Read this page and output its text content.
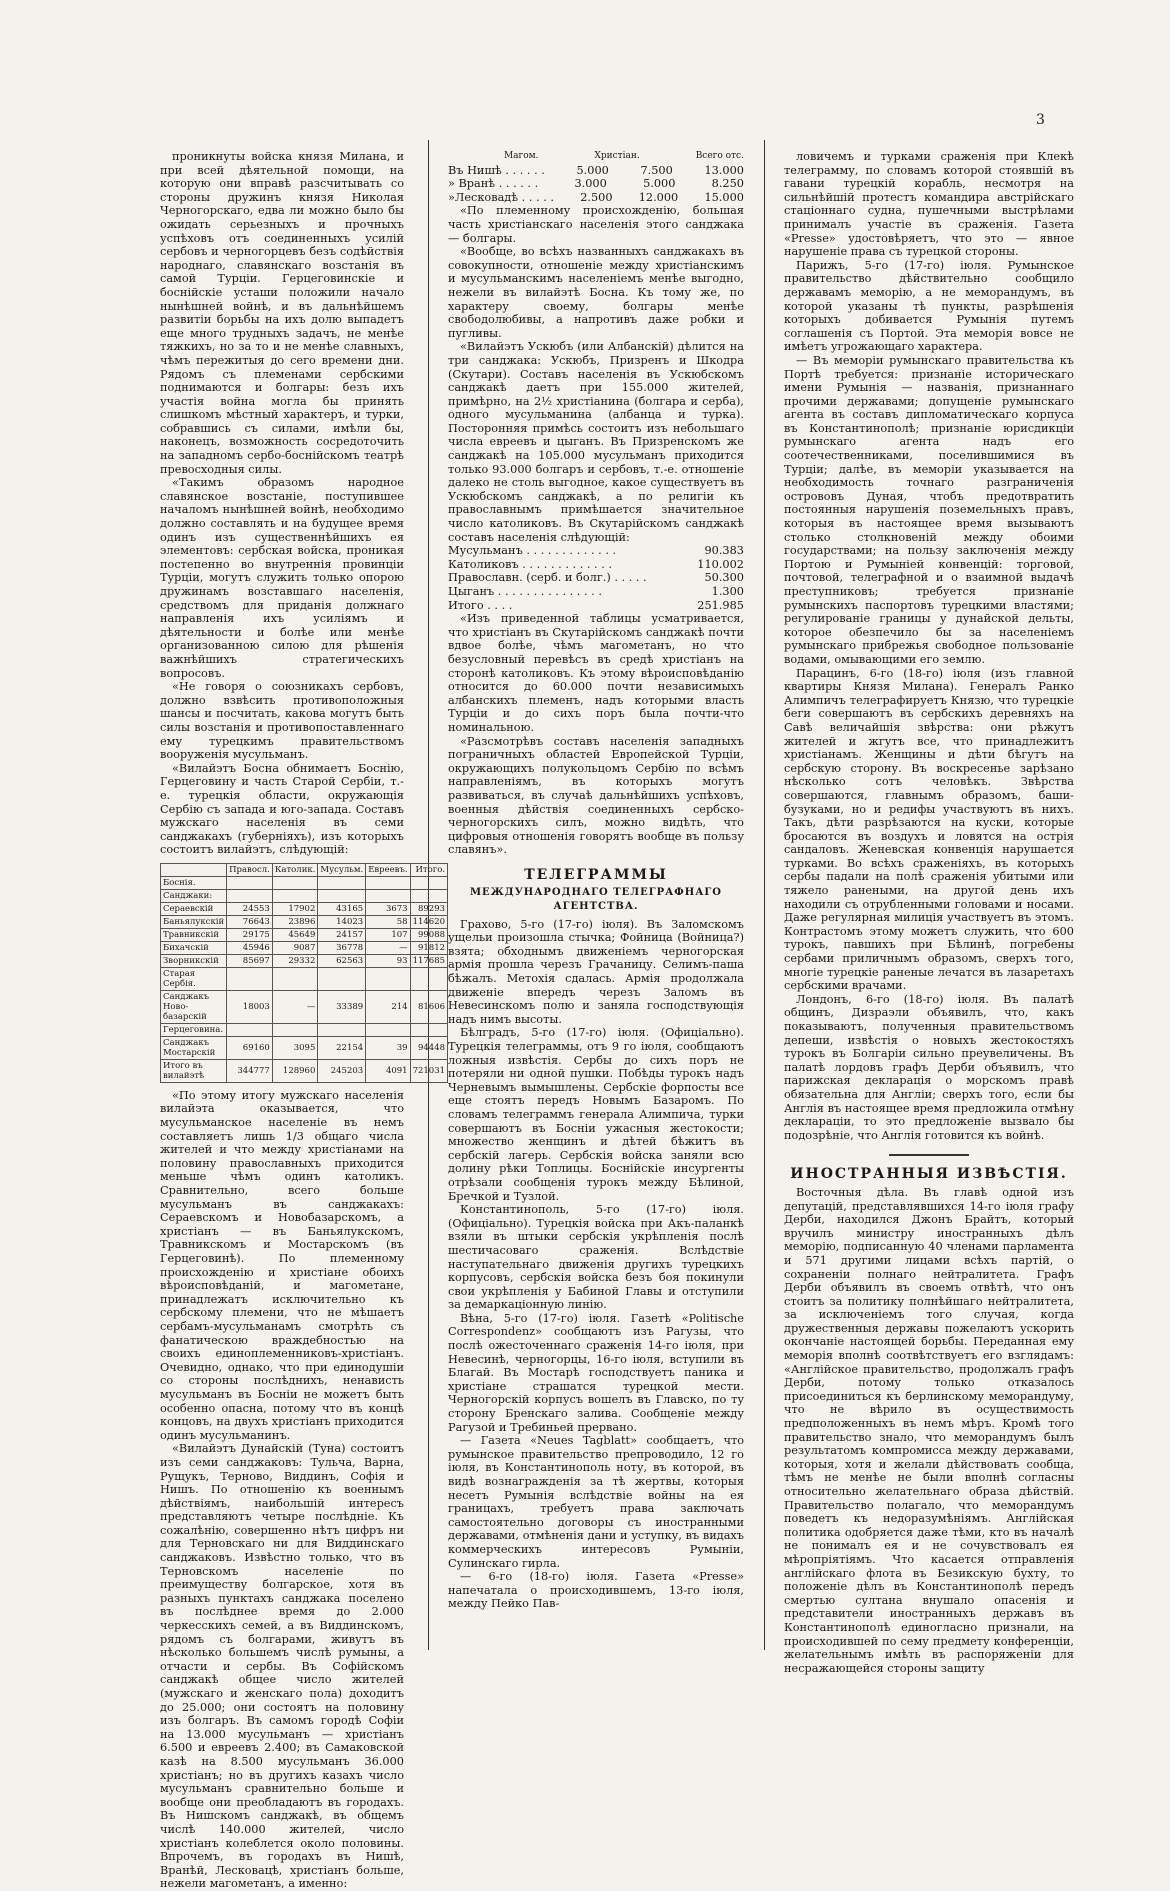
3

проникнуты войска князя Милана, и при всей дѣятельной помощи, на которую они вправѣ разсчитывать со стороны дружинъ князя Николая Черногорскаго, едва ли можно было бы ожидать серьезныхъ и прочныхъ успѣховъ отъ соединенныхъ усилій сербовъ и черногорцевъ безъ содѣйствія народнаго, славянскаго возстанія въ самой Турціи. Герцеговинскіе и боснійскіе усташи положили начало нынѣшней войнѣ, и въ дальнѣйшемъ развитіи борьбы на ихъ долю выпадетъ еще много трудныхъ задачъ, не менѣе тяжкихъ, но за то и не менѣе славныхъ, чѣмъ пережитыя до сего времени дни. Рядомъ съ племенами сербскими поднимаются и болгары: безъ ихъ участія война могла бы принять слишкомъ мѣстный характеръ, и турки, собравшись съ силами, имѣли бы, наконецъ, возможность сосредоточить на западномъ сербо-боснійскомъ театрѣ превосходныя силы.

«Такимъ образомъ народное славянское возстаніе, поступившее началомъ нынѣшней войнѣ, необходимо должно составлять и на будущее время одинъ изъ существеннѣйшихъ ея элементовъ: сербская войска, проникая постепенно во внутреннія провинціи Турціи, могутъ служить только опорою дружинамъ возставшаго населенія, средствомъ для приданія должнаго направленія ихъ усиліямъ и дѣятельности и болѣе или менѣе организованною силою для рѣшенія важнѣйшихъ стратегическихъ вопросовъ.

«Не говоря о союзникахъ сербовъ, должно взвѣсить противоположныя шансы и посчитать, какова могутъ быть силы возстанія и противопоставленнаго ему турецкимъ правительствомъ вооруженія мусульманъ.

«Вилайэтъ Босна обнимаетъ Боснію, Герцеговину и часть Старой Сербіи, т.-е. турецкія области, окружающія Сербію съ запада и юго-запада. Составъ мужскаго населенія въ семи санджакахъ (губерніяхъ), изъ которыхъ состоитъ вилайэтъ, слѣдующій:

	Правосл.	Католик.	Мусульм.	Евреевъ.	Итого.
Боснія.					
Санджаки:					
Сераевскій	24553	17902	43165	3673	89293
Баньялукскій	76643	23896	14023	58	114620
Травникскій	29175	45649	24157	107	99088
Бихачскій	45946	9087	36778	—	91812
Зворникскій	85697	29332	62563	93	117685
Старая Сербія.					
Санджакъ Ново-базарскій	18003	—	33389	214	81606
Герцеговина.					
Санджакъ Мостарскій	69160	3095	22154	39	94448
Итого въ вилайэтѣ	344777	128960	245203	4091	721031

«По этому итогу мужскаго населенія вилайэта оказывается, что мусульманское населеніе въ немъ составляетъ лишь 1/3 общаго числа жителей и что между христіанами на половину православныхъ приходится меньше чѣмъ одинъ католикъ. Сравнительно, всего больше мусульманъ въ санджакахъ: Сераевскомъ и Новобазарскомъ, а христіанъ — въ Баньялукскомъ, Травникскомъ и Мостарскомъ (въ Герцеговинѣ). По племенному происхожденію и христіане обоихъ вѣроисповѣданій, и магометане, принадлежатъ исключительно къ сербскому племени, что не мѣшаетъ сербамъ-мусульманамъ смотрѣть съ фанатическою враждебностью на своихъ единоплеменниковъ-христіанъ. Очевидно, однако, что при единодушіи со стороны послѣднихъ, ненависть мусульманъ въ Босніи не можетъ быть особенно опасна, потому что въ концѣ концовъ, на двухъ христіанъ приходится одинъ мусульманинъ.

«Вилайэтъ Дунайскій (Туна) состоитъ изъ семи санджаковъ: Тульча, Варна, Рущукъ, Терново, Виддинъ, Софія и Нишъ. По отношенію къ военнымъ дѣйствіямъ, наибольшій интересъ представляютъ четыре послѣдніе. Къ сожалѣнію, совершенно нѣтъ цифръ ни для Терновскаго ни для Виддинскаго санджаковъ. Извѣстно только, что въ Терновскомъ населеніе по преимуществу болгарское, хотя въ разныхъ пунктахъ санджака поселено въ послѣднее время до 2.000 черкесскихъ семей, а въ Виддинскомъ, рядомъ съ болгарами, живутъ въ нѣсколько большемъ числѣ румыны, а отчасти и сербы. Въ Софійскомъ санджакѣ общее число жителей (мужскаго и женскаго пола) доходитъ до 25.000; они состоятъ на половину изъ болгаръ. Въ самомъ городѣ Софіи на 13.000 мусульманъ — христіанъ 6.500 и евреевъ 2.400; въ Самаковской казѣ на 8.500 мусульманъ 36.000 христіанъ; но въ другихъ казахъ число мусульманъ сравнительно больше и вообще они преобладаютъ въ городахъ. Въ Нишскомъ санджакѣ, въ общемъ числѣ 140.000 жителей, число христіанъ колеблется около половины. Впрочемъ, въ городахъ въ Нишѣ, Вранѣй, Лесковацѣ, христіанъ больше, нежели магометанъ, а именно:

Магом.	Христіан.	Всего отс.
Въ Нишѣ . . . . . .	5.000	7.500	13.000
» Вранѣ . . . . . .	3.000	5.000	8.250
»Лесковадѣ . . . . . 2.500 12.000 15.000

«По племенному происхожденію, большая часть христіанскаго населенія этого санджака — болгары.

«Вообще, во всѣхъ названныхъ санджакахъ въ совокупности, отношеніе между христіанскимъ и мусульманскимъ населеніемъ менѣе выгодно, нежели въ вилайэтѣ Босна. Къ тому же, по характеру своему, болгары менѣе свободолюбивы, а напротивъ даже робки и пугливы.

«Вилайэтъ Ускюбъ (или Албанскій) дѣлится на три санджака: Ускюбъ, Призренъ и Шкодра (Скутари). Составъ населенія въ Ускюбскомъ санджакѣ даетъ при 155.000 жителей, примѣрно, на 2½ христіанина (болгара и серба), одного мусульманина (албанца и турка). Посторонняя примѣсь состоитъ изъ небольшаго числа евреевъ и цыганъ. Въ Призренскомъ же санджакѣ на 105.000 мусульманъ приходится только 93.000 болгаръ и сербовъ, т.-е. отношеніе далеко не столь выгодное, какое существуетъ въ Ускюбскомъ санджакѣ, а по религіи къ православнымъ примѣшается значительное число католиковъ. Въ Скутарійскомъ санджакѣ составъ населенія слѣдующій:

Мусульманъ . . . . . . . . . . . . .	90.383
Католиковъ . . . . . . . . . . . . .	110.002
Православн. (серб. и болг.) . . . . .	50.300
Цыганъ . . . . . . . . . . . . . . .	1.300
Итого . . . .	251.985

«Изъ приведенной таблицы усматривается, что христіанъ въ Скутарійскомъ санджакѣ почти вдвое болѣе, чѣмъ магометанъ, но что безусловный перевѣсъ въ средѣ христіанъ на сторонѣ католиковъ. Къ этому вѣроисповѣданію относится до 60.000 почти независимыхъ албанскихъ племенъ, надъ которыми власть Турціи и до сихъ поръ была почти-что номинальною.

«Разсмотрѣвъ составъ населенія западныхъ пограничныхъ областей Европейской Турціи, окружающихъ полукольцомъ Сербію по всѣмъ направленіямъ, въ которыхъ могутъ развиваться, въ случаѣ дальнѣйшихъ успѣховъ, военныя дѣйствія соединенныхъ сербско-черногорскихъ силъ, можно видѣть, что цифровыя отношенія говорятъ вообще въ пользу славянъ».

ТЕЛЕГРАММЫ
МЕЖДУНАРОДНАГО ТЕЛЕГРАФНАГО АГЕНТСТВА.

Грахово, 5-го (17-го) іюля). Въ Заломскомъ ущельи произошла стычка; Фойница (Войница?) взята; обходнымъ движеніемъ черногорская армія прошла черезъ Грачаницу. Селимъ-паша бѣжалъ. Метохія сдалась. Армія продолжала движеніе впередъ черезъ Заломъ въ Невесинскомъ полю и заняла господствующія надъ нимъ высоты.

Бѣлградъ, 5-го (17-го) іюля. (Офиціально). Турецкія телеграммы, отъ 9 го іюля, сообщаютъ ложныя извѣстія. Сербы до сихъ поръ не потеряли ни одной пушки. Побѣды турокъ надъ Черневымъ вымышлены. Сербскіе форпосты все еще стоятъ передъ Новымъ Базаромъ. По словамъ телеграммъ генерала Алимпича, турки совершаютъ въ Босніи ужасныя жестокости; множество женщинъ и дѣтей бѣжитъ въ сербскій лагерь. Сербскія войска заняли всю долину рѣки Топлицы. Боснійскіе инсургенты отрѣзали сообщенія турокъ между Бѣлиной, Бречкой и Тузлой.

Константинополь, 5-го (17-го) іюля. (Офиціально). Турецкія войска при Акъ-паланкѣ взяли въ штыки сербскія укрѣпленія послѣ шестичасоваго сраженія. Вслѣдствіе наступательнаго движенія другихъ турецкихъ корпусовъ, сербскія войска безъ боя покинули свои укрѣпленія у Бабиной Главы и отступили за демаркаціонную линію.

Вѣна, 5-го (17-го) іюля. Газетѣ «Politische Correspondenz» сообщаютъ изъ Рагузы, что послѣ ожесточеннаго сраженія 14-го іюля, при Невесинѣ, черногорцы, 16-го іюля, вступили въ Благай. Въ Мостарѣ господствуетъ паника и христіане страшатся турецкой мести. Черногорскій корпусъ вошелъ въ Главско, по ту сторону Бренскаго залива. Сообщеніе между Рагузой и Требиньей прервано.

— Газета «Neues Tagblatt» сообщаетъ, что румынское правительство препроводило, 12 го іюля, въ Константинополь ноту, въ которой, въ видѣ вознагражденія за тѣ жертвы, которыя несетъ Румынія вслѣдствіе войны на ея границахъ, требуетъ права заключать самостоятельно договоры съ иностранными державами, отмѣненія дани и уступку, въ видахъ коммерческихъ интересовъ Румыніи, Сулинскаго гирла.

— 6-го (18-го) іюля. Газета «Presse» напечатала о происходившемъ, 13-го іюля, между Пейко Пав-

ловичемъ и турками сраженія при Клекѣ телеграмму, по словамъ которой стоявшій въ гавани турецкій корабль, несмотря на сильнѣйшій протестъ командира австрійскаго стаціоннаго судна, пушечными выстрѣлами принималъ участіе въ сраженія. Газета «Presse» удостовѣряетъ, что это — явное нарушеніе права съ турецкой стороны.

Парижъ, 5-го (17-го) іюля. Румынское правительство дѣйствительно сообщило державамъ меморію, а не меморандумъ, въ которой указаны тѣ пункты, разрѣшенія которыхъ добивается Румынія путемъ соглашенія съ Портой. Эта меморія вовсе не имѣетъ угрожающаго характера.

— Въ меморіи румынскаго правительства къ Портѣ требуется: признаніе историческаго имени Румынія — названія, признаннаго прочими державами; допущеніе румынскаго агента въ составъ дипломатическаго корпуса въ Константинополѣ; признаніе юрисдикціи румынскаго агента надъ его соотечественниками, поселившимися въ Турціи; далѣе, въ меморіи указывается на необходимость точнаго разграниченія острововъ Дуная, чтобъ предотвратить постоянныя нарушенія поземельныхъ правъ, которыя въ настоящее время вызываютъ столько столкновеній между обоими государствами; на пользу заключенія между Портою и Румыніей конвенцій: торговой, почтовой, телеграфной и о взаимной выдачѣ преступниковъ; требуется признаніе румынскихъ паспортовъ турецкими властями; регулированіе границы у дунайской дельты, которое обезпечило бы за населеніемъ румынскаго прибрежья свободное пользованіе водами, омывающими его землю.

Парацинъ, 6-го (18-го) іюля (изъ главной квартиры Князя Милана). Генералъ Ранко Алимпичъ телеграфируетъ Князю, что турецкіе беги совершаютъ въ сербскихъ деревняхъ на Савѣ величайшія звѣрства: они рѣжутъ жителей и жгутъ все, что принадлежитъ христіанамъ. Женщины и дѣти бѣгутъ на сербскую сторону. Въ воскресенье зарѣзано нѣсколько сотъ человѣкъ. Звѣрства совершаются, главнымъ образомъ, баши-бузуками, но и редифы участвуютъ въ нихъ. Такъ, дѣти разрѣзаются на куски, которые бросаются въ воздухъ и ловятся на острія сандаловъ. Женевская конвенція нарушается турками. Во всѣхъ сраженіяхъ, въ которыхъ сербы падали на полѣ сраженія убитыми или тяжело ранеными, на другой день ихъ находили съ отрубленными головами и носами. Даже регулярная милиція участвуетъ въ этомъ. Контрастомъ этому можетъ служить, что 600 турокъ, павшихъ при Бѣлинѣ, погребены сербами приличнымъ образомъ, сверхъ того, многіе турецкіе раненые лечатся въ лазаретахъ сербскими врачами.

Лондонъ, 6-го (18-го) іюля. Въ палатѣ общинъ, Дизраэли объявилъ, что, какъ показываютъ, полученныя правительствомъ депеши, извѣстія о новыхъ жестокостяхъ турокъ въ Болгаріи сильно преувеличены. Въ палатѣ лордовъ графъ Дерби объявилъ, что парижская декларація о морскомъ правѣ обязательна для Англіи; сверхъ того, если бы Англія въ настоящее время предложила отмѣну деклараціи, то это предложеніе вызвало бы подозрѣніе, что Англія готовится къ войнѣ.

ИНОСТРАННЫЯ ИЗВѢСТІЯ.

Восточныя дѣла. Въ главѣ одной изъ депутацій, представлявшихся 14-го іюля графу Дерби, находился Джонъ Брайтъ, который вручилъ министру иностранныхъ дѣлъ меморію, подписанную 40 членами парламента и 571 другими лицами всѣхъ партій, о сохраненіи полнаго нейтралитета. Графъ Дерби объявилъ въ своемъ отвѣтѣ, что онъ стоитъ за политику полнѣйшаго нейтралитета, за исключеніемъ того случая, когда дружественныя державы пожелаютъ ускорить окончаніе настоящей борьбы. Переданная ему меморія вполнѣ соотвѣтствуетъ его взглядамъ: «Англійское правительство, продолжалъ графъ Дерби, потому только отказалось присоединиться къ берлинскому меморандуму, что не вѣрило въ осуществимость предположенныхъ въ немъ мѣръ. Кромѣ того правительство знало, что меморандумъ былъ результатомъ компромисса между державами, которыя, хотя и желали дѣйствовать сообща, тѣмъ не менѣе не были вполнѣ согласны относительно желательнаго образа дѣйствій. Правительство полагало, что меморандумъ поведетъ къ недоразумѣніямъ. Англійская политика одобряется даже тѣми, кто въ началѣ не понималъ ея и не сочувствовалъ ея мѣропріятіямъ. Что касается отправленія англійскаго флота въ Безикскую бухту, то положеніе дѣлъ въ Константинополѣ передъ смертью султана внушало опасенія и представители иностранныхъ державъ въ Константинополѣ единогласно признали, на происходившей по сему предмету конференціи, желательнымъ имѣть въ распоряженіи для несражающейся стороны защиту
